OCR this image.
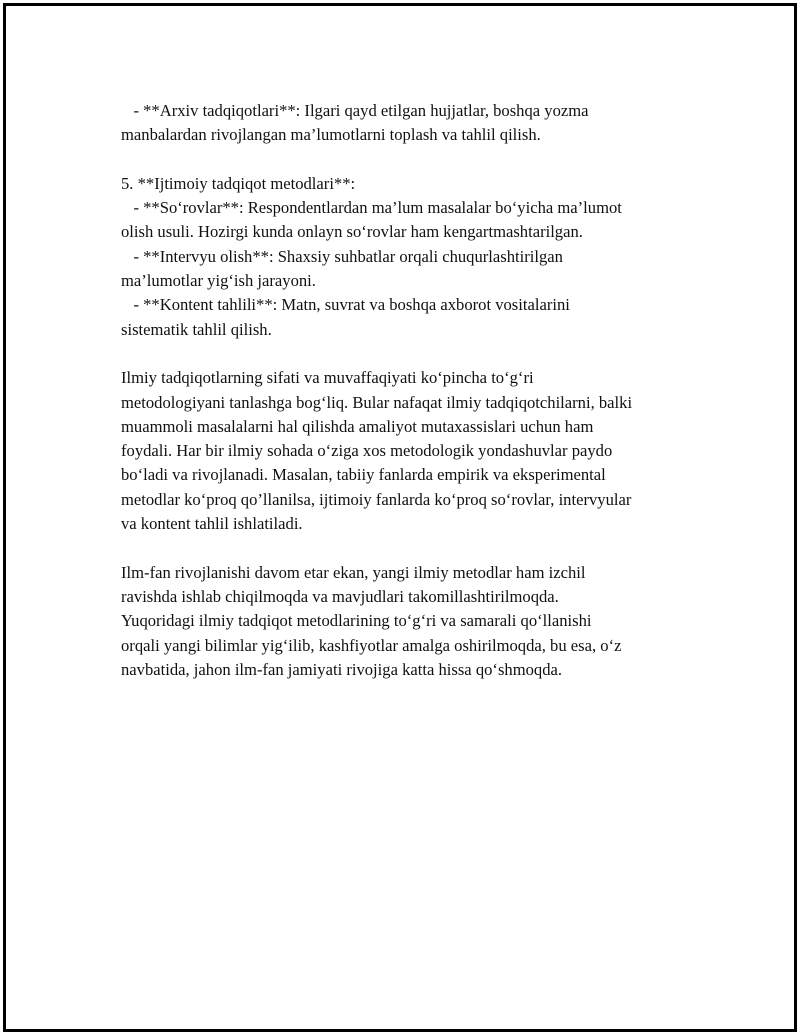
- **Arxiv tadqiqotlari**: Ilgari qayd etilgan hujjatlar, boshqa yozma
manbalardan rivojlangan ma’lumotlarni toplash va tahlil qilish.

5. **Ijtimoiy tadqiqot metodlari**:
- **So‘rovlar**: Respondentlardan ma’lum masalalar bo‘yicha ma’lumot
olish usuli. Hozirgi kunda onlayn so‘rovlar ham kengartmashtarilgan.
- **Intervyu olish**: Shaxsiy suhbatlar orqali chuqurlashtirilgan
ma’lumotlar yig‘ish jarayoni.
- **Kontent tahlili**: Matn, suvrat va boshqa axborot vositalarini
sistematik tahlil qilish.

Ilmiy tadqiqotlarning sifati va muvaffaqiyati ko‘pincha to‘g‘ri
metodologiyani tanlashga bog‘liq. Bular nafaqat ilmiy tadqiqotchilarni, balki
muammoli masalalarni hal qilishda amaliyot mutaxassislari uchun ham
foydali. Har bir ilmiy sohada o‘ziga xos metodologik yondashuvlar paydo
bo‘ladi va rivojlanadi. Masalan, tabiiy fanlarda empirik va eksperimental
metodlar ko‘proq qo’llanilsa, ijtimoiy fanlarda ko‘proq so‘rovlar, intervyular
va kontent tahlil ishlatiladi.

Ilm-fan rivojlanishi davom etar ekan, yangi ilmiy metodlar ham izchil
ravishda ishlab chiqilmoqda va mavjudlari takomillashtirilmoqda.
Yuqoridagi ilmiy tadqiqot metodlarining to‘g‘ri va samarali qo‘llanishi
orqali yangi bilimlar yig‘ilib, kashfiyotlar amalga oshirilmoqda, bu esa, o‘z
navbatida, jahon ilm-fan jamiyati rivojiga katta hissa qo‘shmoqda.
